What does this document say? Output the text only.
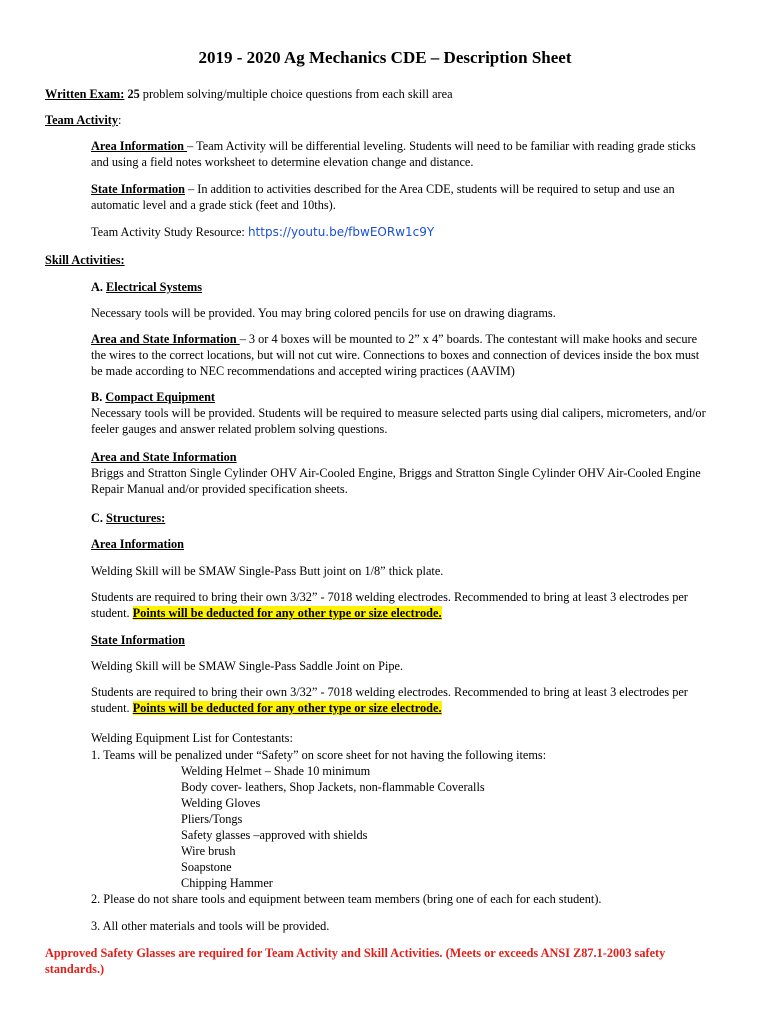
2019 - 2020 Ag Mechanics CDE – Description Sheet
Written Exam: 25 problem solving/multiple choice questions from each skill area
Team Activity:
Area Information – Team Activity will be differential leveling. Students will need to be familiar with reading grade sticks
and using a field notes worksheet to determine elevation change and distance.
State Information – In addition to activities described for the Area CDE, students will be required to setup and use an
automatic level and a grade stick (feet and 10ths).
Team Activity Study Resource: https://youtu.be/fbwEORw1c9Y
Skill Activities:
A. Electrical Systems
Necessary tools will be provided. You may bring colored pencils for use on drawing diagrams.
Area and State Information – 3 or 4 boxes will be mounted to 2” x 4” boards. The contestant will make hooks and secure
the wires to the correct locations, but will not cut wire. Connections to boxes and connection of devices inside the box must
be made according to NEC recommendations and accepted wiring practices (AAVIM)
B. Compact Equipment
Necessary tools will be provided. Students will be required to measure selected parts using dial calipers, micrometers, and/or
feeler gauges and answer related problem solving questions.
Area and State Information
Briggs and Stratton Single Cylinder OHV Air-Cooled Engine, Briggs and Stratton Single Cylinder OHV Air-Cooled Engine
Repair Manual and/or provided specification sheets.
C. Structures:
Area Information
Welding Skill will be SMAW Single-Pass Butt joint on 1/8” thick plate.
Students are required to bring their own 3/32” - 7018 welding electrodes. Recommended to bring at least 3 electrodes per
student. Points will be deducted for any other type or size electrode.
State Information
Welding Skill will be SMAW Single-Pass Saddle Joint on Pipe.
Students are required to bring their own 3/32” - 7018 welding electrodes. Recommended to bring at least 3 electrodes per
student. Points will be deducted for any other type or size electrode.
Welding Equipment List for Contestants:
1. Teams will be penalized under “Safety” on score sheet for not having the following items:
Welding Helmet – Shade 10 minimum
Body cover- leathers, Shop Jackets, non-flammable Coveralls
Welding Gloves
Pliers/Tongs
Safety glasses –approved with shields
Wire brush
Soapstone
Chipping Hammer
2. Please do not share tools and equipment between team members (bring one of each for each student).
3. All other materials and tools will be provided.
Approved Safety Glasses are required for Team Activity and Skill Activities. (Meets or exceeds ANSI Z87.1-2003 safety
standards.)
